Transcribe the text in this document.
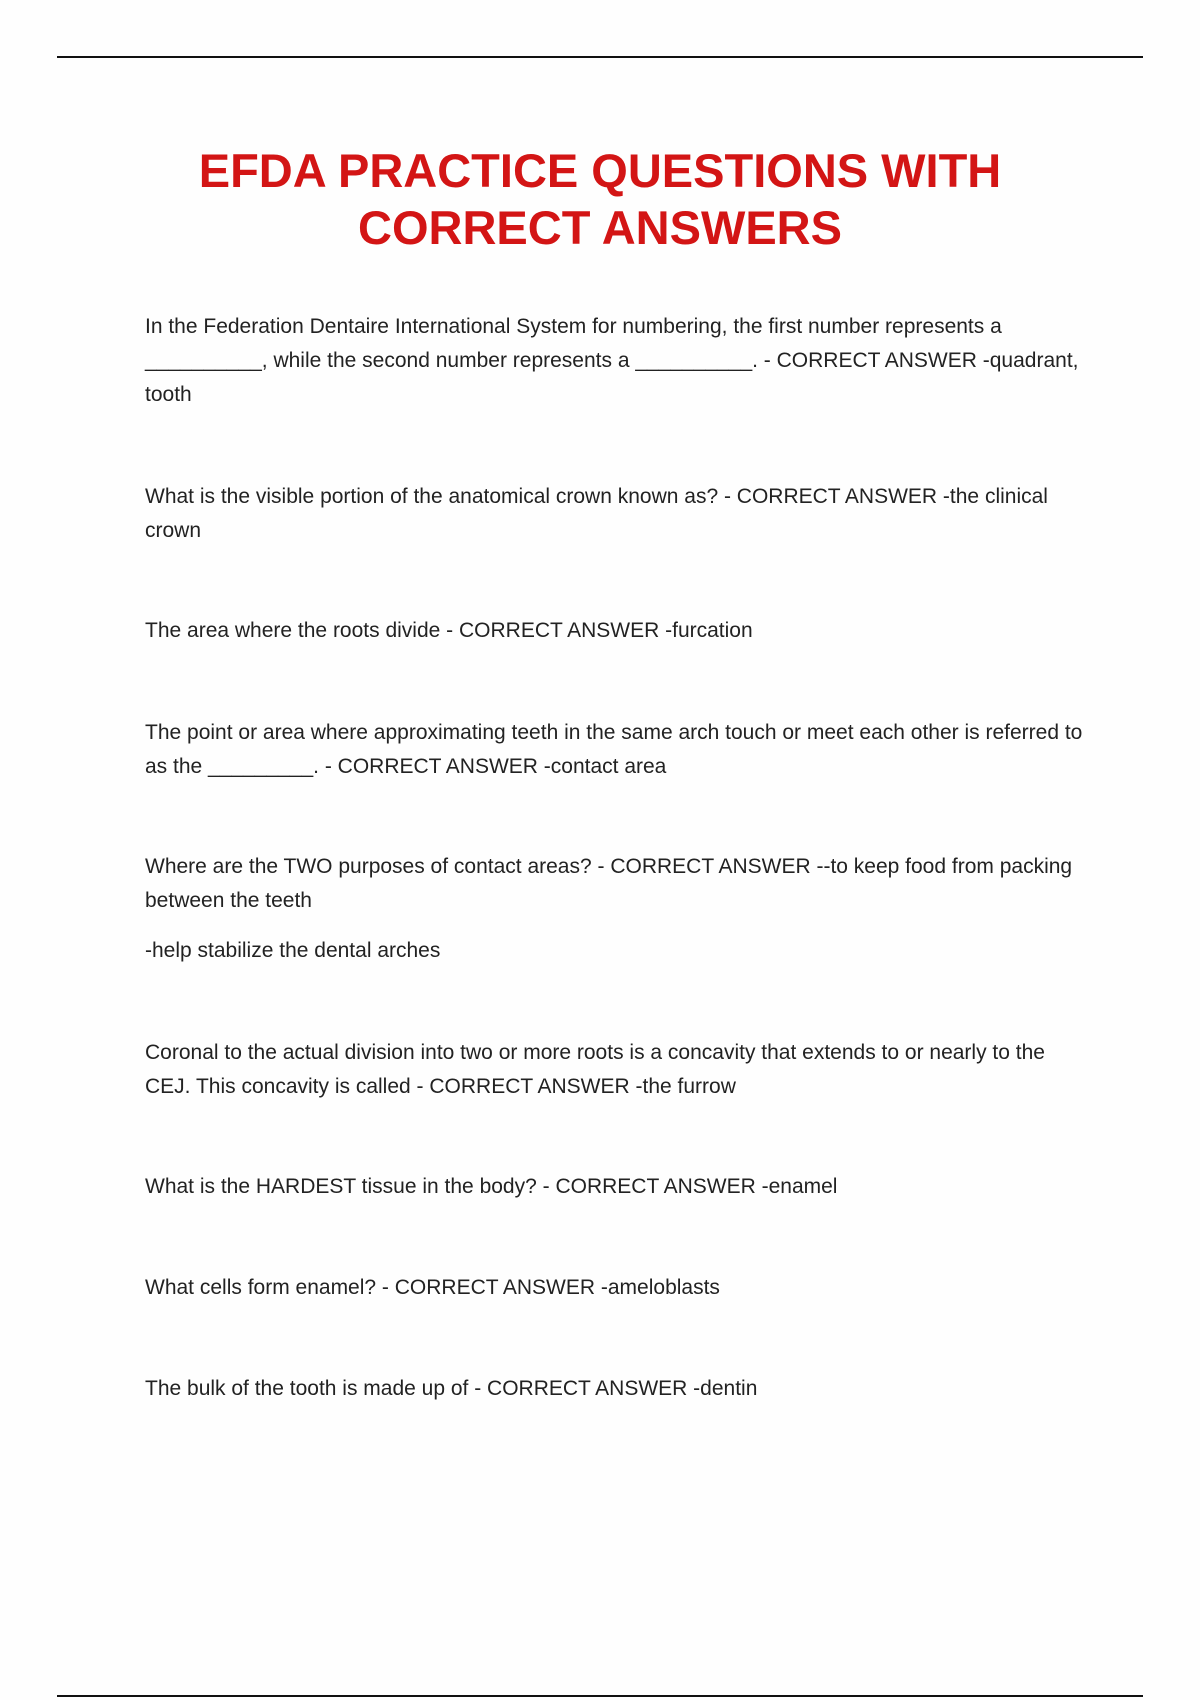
EFDA PRACTICE QUESTIONS WITH
CORRECT ANSWERS

In the Federation Dentaire International System for numbering, the first number represents a __________, while the second number represents a __________. - CORRECT ANSWER -quadrant, tooth

What is the visible portion of the anatomical crown known as? - CORRECT ANSWER -the clinical crown

The area where the roots divide - CORRECT ANSWER -furcation

The point or area where approximating teeth in the same arch touch or meet each other is referred to as the _________. - CORRECT ANSWER -contact area

Where are the TWO purposes of contact areas? - CORRECT ANSWER --to keep food from packing between the teeth

-help stabilize the dental arches

Coronal to the actual division into two or more roots is a concavity that extends to or nearly to the CEJ. This concavity is called - CORRECT ANSWER -the furrow

What is the HARDEST tissue in the body? - CORRECT ANSWER -enamel

What cells form enamel? - CORRECT ANSWER -ameloblasts

The bulk of the tooth is made up of - CORRECT ANSWER -dentin
